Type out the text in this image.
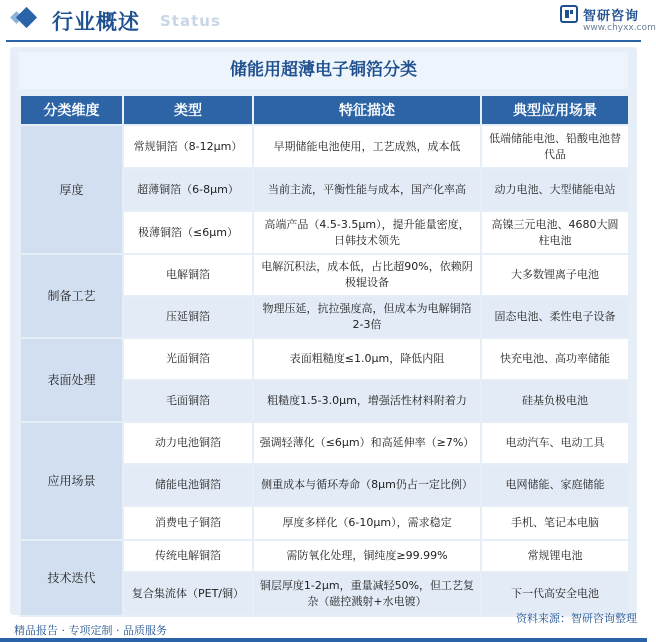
行业概述 Status	智研咨询
www.chyxx.com
储能用超薄电子铜箔分类
分类维度	类型	特征描述	典型应用场景
厚度	常规铜箔（8-12μm）	早期储能电池使用，工艺成熟，成本低	低端储能电池、铅酸电池替代品
	超薄铜箔（6-8μm）	当前主流，平衡性能与成本，国产化率高	动力电池、大型储能电站
	极薄铜箔（≤6μm）	高端产品（4.5-3.5μm），提升能量密度，日韩技术领先	高镍三元电池、4680大圆柱电池
制备工艺	电解铜箔	电解沉积法，成本低，占比超90%，依赖阴极辊设备	大多数锂离子电池
	压延铜箔	物理压延，抗拉强度高，但成本为电解铜箔2-3倍	固态电池、柔性电子设备
表面处理	光面铜箔	表面粗糙度≤1.0μm，降低内阻	快充电池、高功率储能
	毛面铜箔	粗糙度1.5-3.0μm，增强活性材料附着力	硅基负极电池
应用场景	动力电池铜箔	强调轻薄化（≤6μm）和高延伸率（≥7%）	电动汽车、电动工具
	储能电池铜箔	侧重成本与循环寿命（8μm仍占一定比例）	电网储能、家庭储能
	消费电子铜箔	厚度多样化（6-10μm），需求稳定	手机、笔记本电脑
技术迭代	传统电解铜箔	需防氧化处理，铜纯度≥99.99%	常规锂电池
	复合集流体（PET/铜）	铜层厚度1-2μm，重量减轻50%，但工艺复杂（磁控溅射+水电镀）	下一代高安全电池
资料来源：智研咨询整理
精品报告 · 专项定制 · 品质服务
